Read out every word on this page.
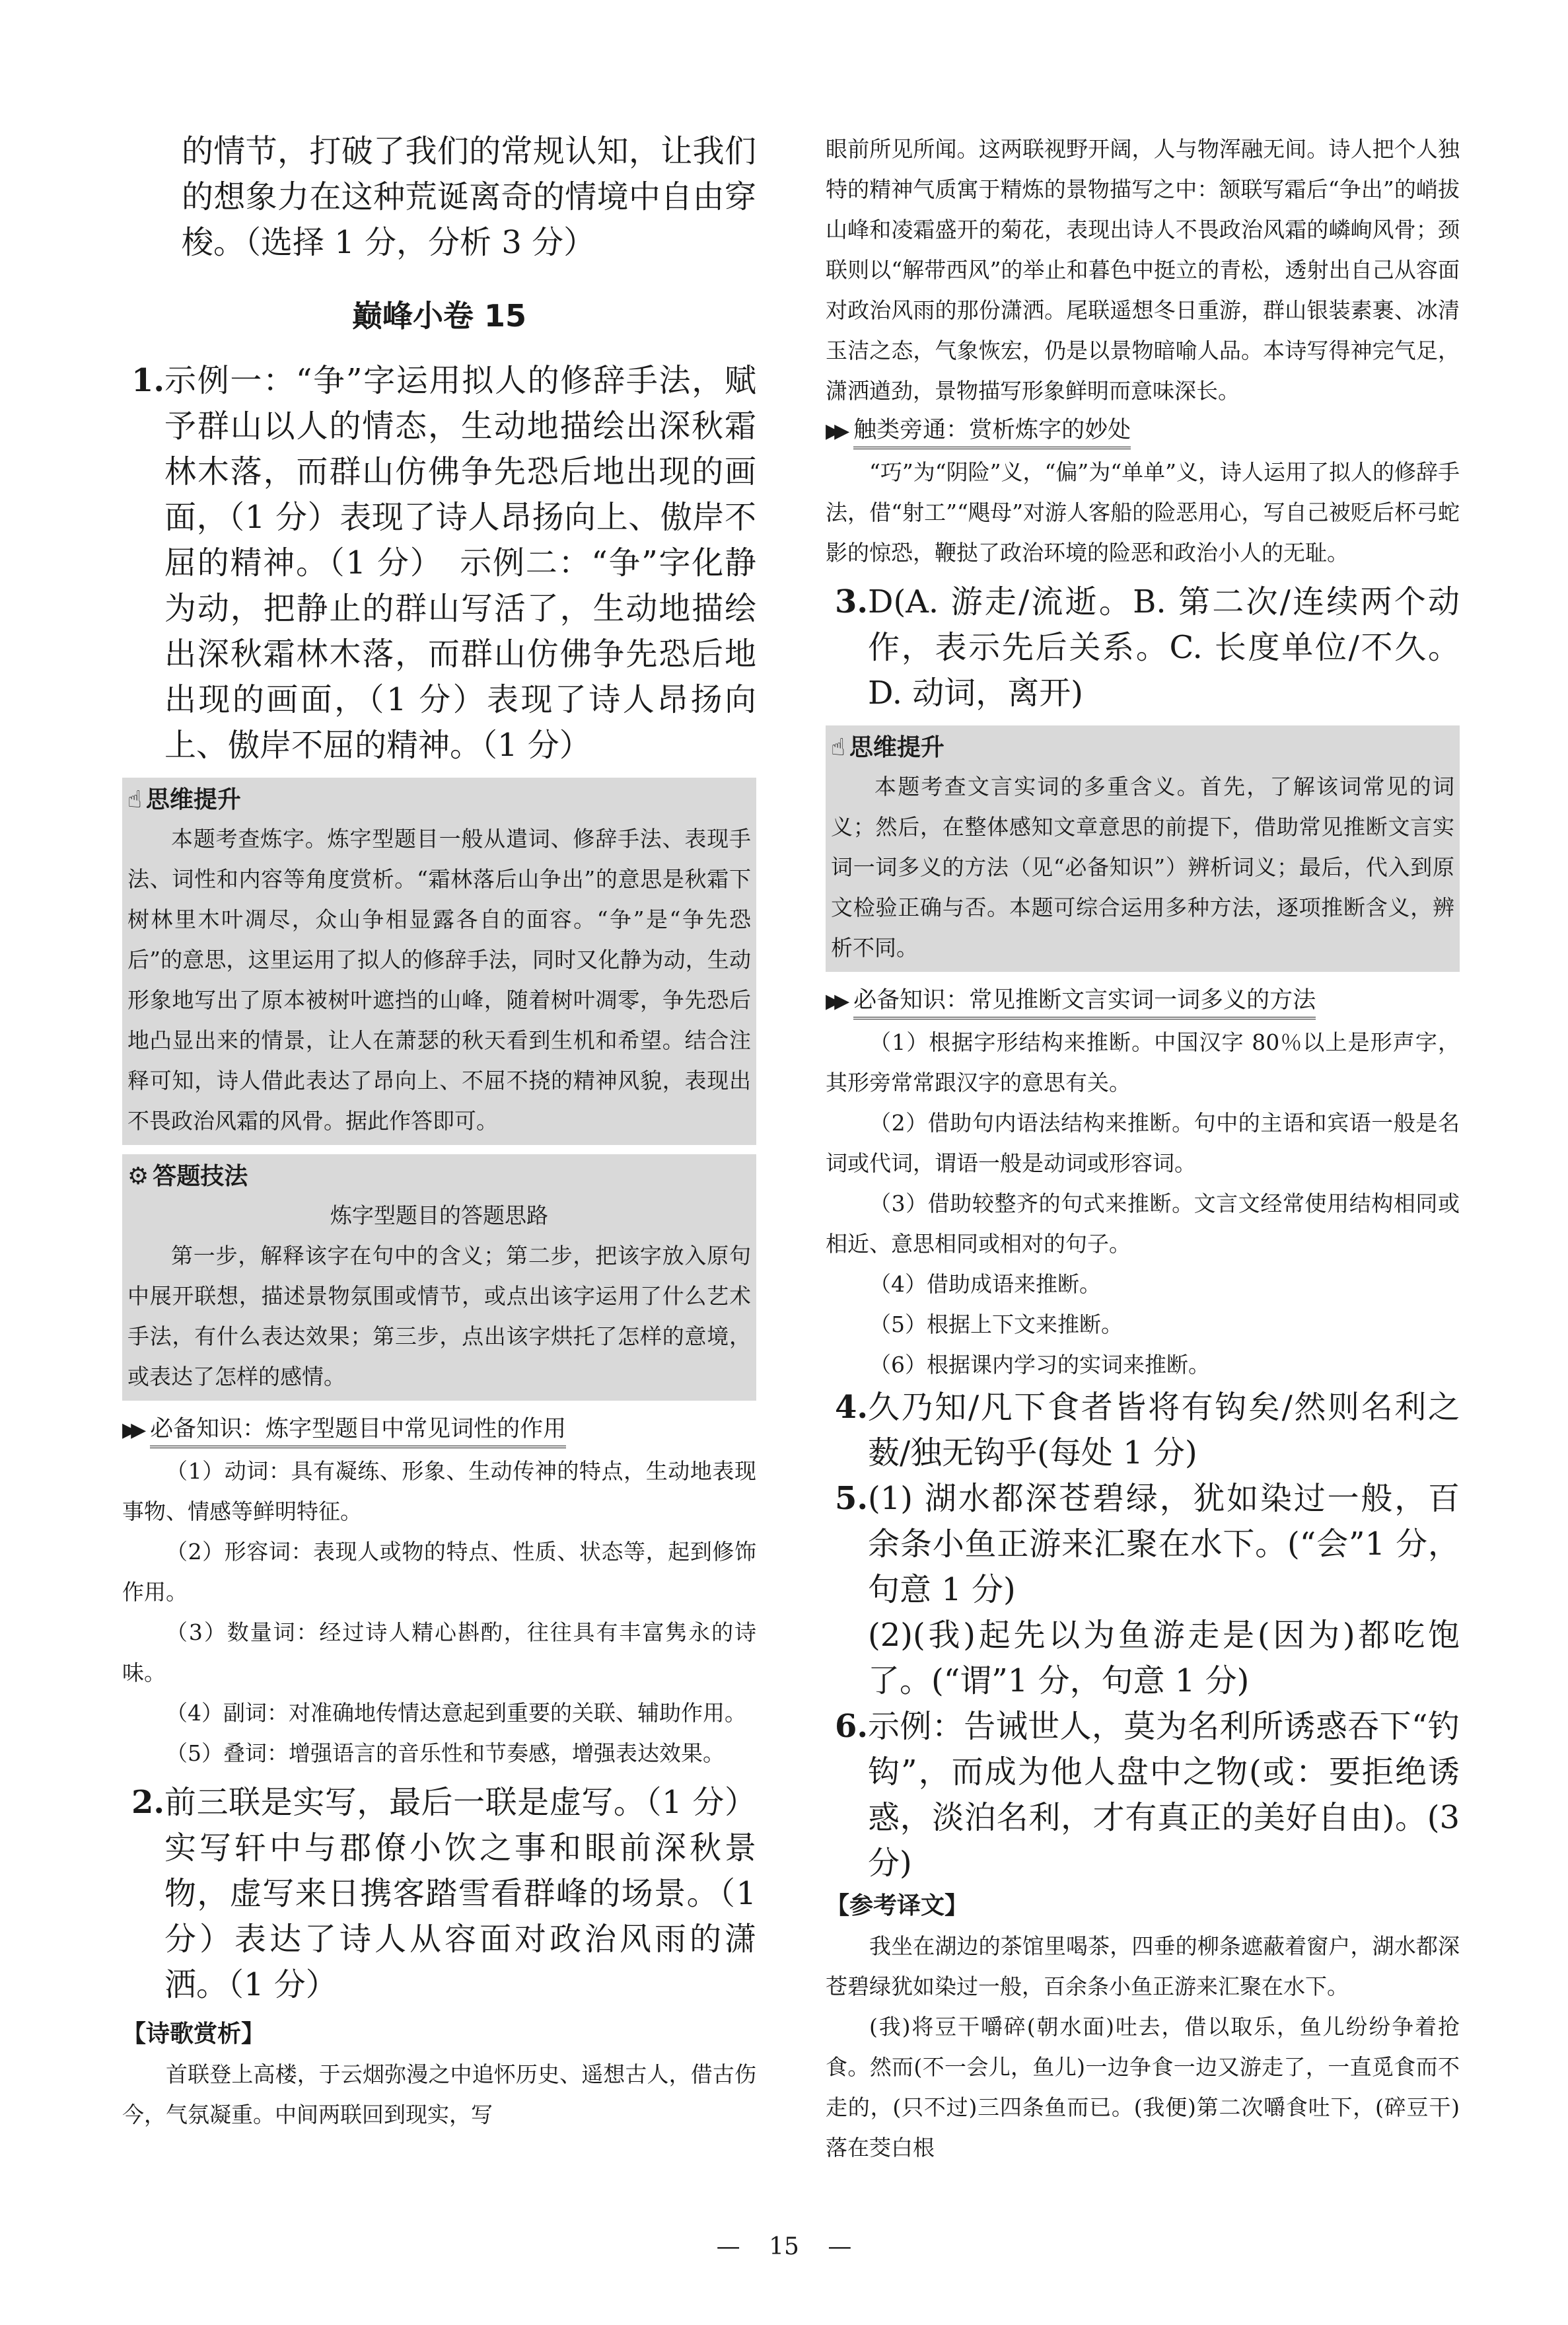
的情节，打破了我们的常规认知，让我们的想象力在这种荒诞离奇的情境中自由穿梭。（选择 1 分，分析 3 分）
巅峰小卷 15
1. 示例一：“争”字运用拟人的修辞手法，赋予群山以人的情态，生动地描绘出深秋霜林木落，而群山仿佛争先恐后地出现的画面，（1 分）表现了诗人昂扬向上、傲岸不屈的精神。（1 分）　示例二：“争”字化静为动，把静止的群山写活了，生动地描绘出深秋霜林木落，而群山仿佛争先恐后地出现的画面，（1 分）表现了诗人昂扬向上、傲岸不屈的精神。（1 分）
☝ 思维提升
本题考查炼字。炼字型题目一般从遣词、修辞手法、表现手法、词性和内容等角度赏析。“霜林落后山争出”的意思是秋霜下树林里木叶凋尽，众山争相显露各自的面容。“争”是“争先恐后”的意思，这里运用了拟人的修辞手法，同时又化静为动，生动形象地写出了原本被树叶遮挡的山峰，随着树叶凋零，争先恐后地凸显出来的情景，让人在萧瑟的秋天看到生机和希望。结合注释可知，诗人借此表达了昂向上、不屈不挠的精神风貌，表现出不畏政治风霜的风骨。据此作答即可。
⚙ 答题技法
炼字型题目的答题思路
第一步，解释该字在句中的含义；第二步，把该字放入原句中展开联想，描述景物氛围或情节，或点出该字运用了什么艺术手法，有什么表达效果；第三步，点出该字烘托了怎样的意境，或表达了怎样的感情。
▶▶ 必备知识：炼字型题目中常见词性的作用
（1）动词：具有凝练、形象、生动传神的特点，生动地表现事物、情感等鲜明特征。
（2）形容词：表现人或物的特点、性质、状态等，起到修饰作用。
（3）数量词：经过诗人精心斟酌，往往具有丰富隽永的诗味。
（4）副词：对准确地传情达意起到重要的关联、辅助作用。
（5）叠词：增强语言的音乐性和节奏感，增强表达效果。
2. 前三联是实写，最后一联是虚写。（1 分）实写轩中与郡僚小饮之事和眼前深秋景物，虚写来日携客踏雪看群峰的场景。（1 分）表达了诗人从容面对政治风雨的潇洒。（1 分）
【诗歌赏析】
首联登上高楼，于云烟弥漫之中追怀历史、遥想古人，借古伤今，气氛凝重。中间两联回到现实，写
眼前所见所闻。这两联视野开阔，人与物浑融无间。诗人把个人独特的精神气质寓于精炼的景物描写之中：颔联写霜后“争出”的峭拔山峰和凌霜盛开的菊花，表现出诗人不畏政治风霜的嶙峋风骨；颈联则以“解带西风”的举止和暮色中挺立的青松，透射出自己从容面对政治风雨的那份潇洒。尾联遥想冬日重游，群山银装素裹、冰清玉洁之态，气象恢宏，仍是以景物暗喻人品。本诗写得神完气足，潇洒遒劲，景物描写形象鲜明而意味深长。
▶▶ 触类旁通：赏析炼字的妙处
“巧”为“阴险”义，“偏”为“单单”义，诗人运用了拟人的修辞手法，借“射工”“飓母”对游人客船的险恶用心，写自己被贬后杯弓蛇影的惊恐，鞭挞了政治环境的险恶和政治小人的无耻。
3. D(A. 游走/流逝。B. 第二次/连续两个动作，表示先后关系。C. 长度单位/不久。D. 动词，离开)
☝ 思维提升
本题考查文言实词的多重含义。首先，了解该词常见的词义；然后，在整体感知文章意思的前提下，借助常见推断文言实词一词多义的方法（见“必备知识”）辨析词义；最后，代入到原文检验正确与否。本题可综合运用多种方法，逐项推断含义，辨析不同。
▶▶ 必备知识：常见推断文言实词一词多义的方法
（1）根据字形结构来推断。中国汉字 80％以上是形声字，其形旁常常跟汉字的意思有关。
（2）借助句内语法结构来推断。句中的主语和宾语一般是名词或代词，谓语一般是动词或形容词。
（3）借助较整齐的句式来推断。文言文经常使用结构相同或相近、意思相同或相对的句子。
（4）借助成语来推断。
（5）根据上下文来推断。
（6）根据课内学习的实词来推断。
4. 久乃知/凡下食者皆将有钩矣/然则名利之薮/独无钩乎(每处 1 分)
5. (1) 湖水都深苍碧绿，犹如染过一般，百余条小鱼正游来汇聚在水下。(“会”1 分，句意 1 分)
(2)(我)起先以为鱼游走是(因为)都吃饱了。(“谓”1 分，句意 1 分)
6. 示例：告诫世人，莫为名利所诱惑吞下“钓钩”，而成为他人盘中之物(或：要拒绝诱惑，淡泊名利，才有真正的美好自由)。(3 分)
【参考译文】
我坐在湖边的茶馆里喝茶，四垂的柳条遮蔽着窗户，湖水都深苍碧绿犹如染过一般，百余条小鱼正游来汇聚在水下。
(我)将豆干嚼碎(朝水面)吐去，借以取乐，鱼儿纷纷争着抢食。然而(不一会儿，鱼儿)一边争食一边又游走了，一直觅食而不走的，(只不过)三四条鱼而已。(我便)第二次嚼食吐下，(碎豆干)落在茭白根
— 15 —
